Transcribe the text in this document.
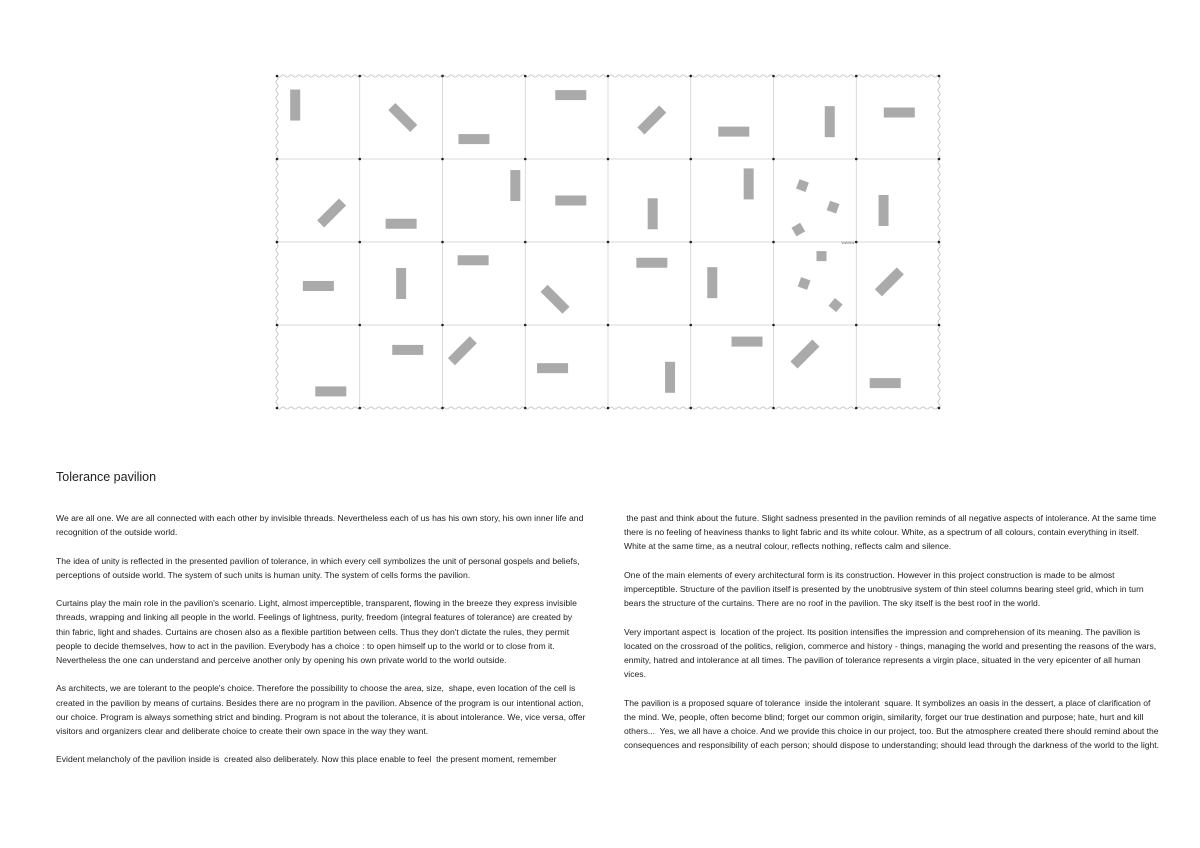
wwww
Tolerance pavilion

We are all one. We are all connected with each other by invisible threads. Nevertheless each of us has his own story, his own inner life and recognition of the outside world.

The idea of unity is reflected in the presented pavilion of tolerance, in which every cell symbolizes the unit of personal gospels and beliefs, perceptions of outside world. The system of such units is human unity. The system of cells forms the pavilion.

Curtains play the main role in the pavilion's scenario. Light, almost imperceptible, transparent, flowing in the breeze they express invisible threads, wrapping and linking all people in the world. Feelings of lightness, purity, freedom (integral features of tolerance) are created by thin fabric, light and shades. Curtains are chosen also as a flexible partition between cells. Thus they don't dictate the rules, they permit people to decide themselves, how to act in the pavilion. Everybody has a choice : to open himself up to the world or to close from it. Nevertheless the one can understand and perceive another only by opening his own private world to the world outside.

As architects, we are tolerant to the people's choice. Therefore the possibility to choose the area, size,  shape, even location of the cell is created in the pavilion by means of curtains. Besides there are no program in the pavilion. Absence of the program is our intentional action, our choice. Program is always something strict and binding. Program is not about the tolerance, it is about intolerance. We, vice versa, offer visitors and organizers clear and deliberate choice to create their own space in the way they want.

Evident melancholy of the pavilion inside is  created also deliberately. Now this place enable to feel  the present moment, remember

the past and think about the future. Slight sadness presented in the pavilion reminds of all negative aspects of intolerance. At the same time there is no feeling of heaviness thanks to light fabric and its white colour. White, as a spectrum of all colours, contain everything in itself. White at the same time, as a neutral colour, reflects nothing, reflects calm and silence.

One of the main elements of every architectural form is its construction. However in this project construction is made to be almost imperceptible. Structure of the pavilion itself is presented by the unobtrusive system of thin steel columns bearing steel grid, which in turn bears the structure of the curtains. There are no roof in the pavilion. The sky itself is the best roof in the world.

Very important aspect is  location of the project. Its position intensifies the impression and comprehension of its meaning. The pavilion is located on the crossroad of the politics, religion, commerce and history - things, managing the world and presenting the reasons of the wars, enmity, hatred and intolerance at all times. The pavilion of tolerance represents a virgin place, situated in the very epicenter of all human vices.

The pavilion is a proposed square of tolerance  inside the intolerant  square. It symbolizes an oasis in the dessert, a place of clarification of the mind. We, people, often become blind; forget our common origin, similarity, forget our true destination and purpose; hate, hurt and kill others...  Yes, we all have a choice. And we provide this choice in our project, too. But the atmosphere created there should remind about the consequences and responsibility of each person; should dispose to understanding; should lead through the darkness of the world to the light.
